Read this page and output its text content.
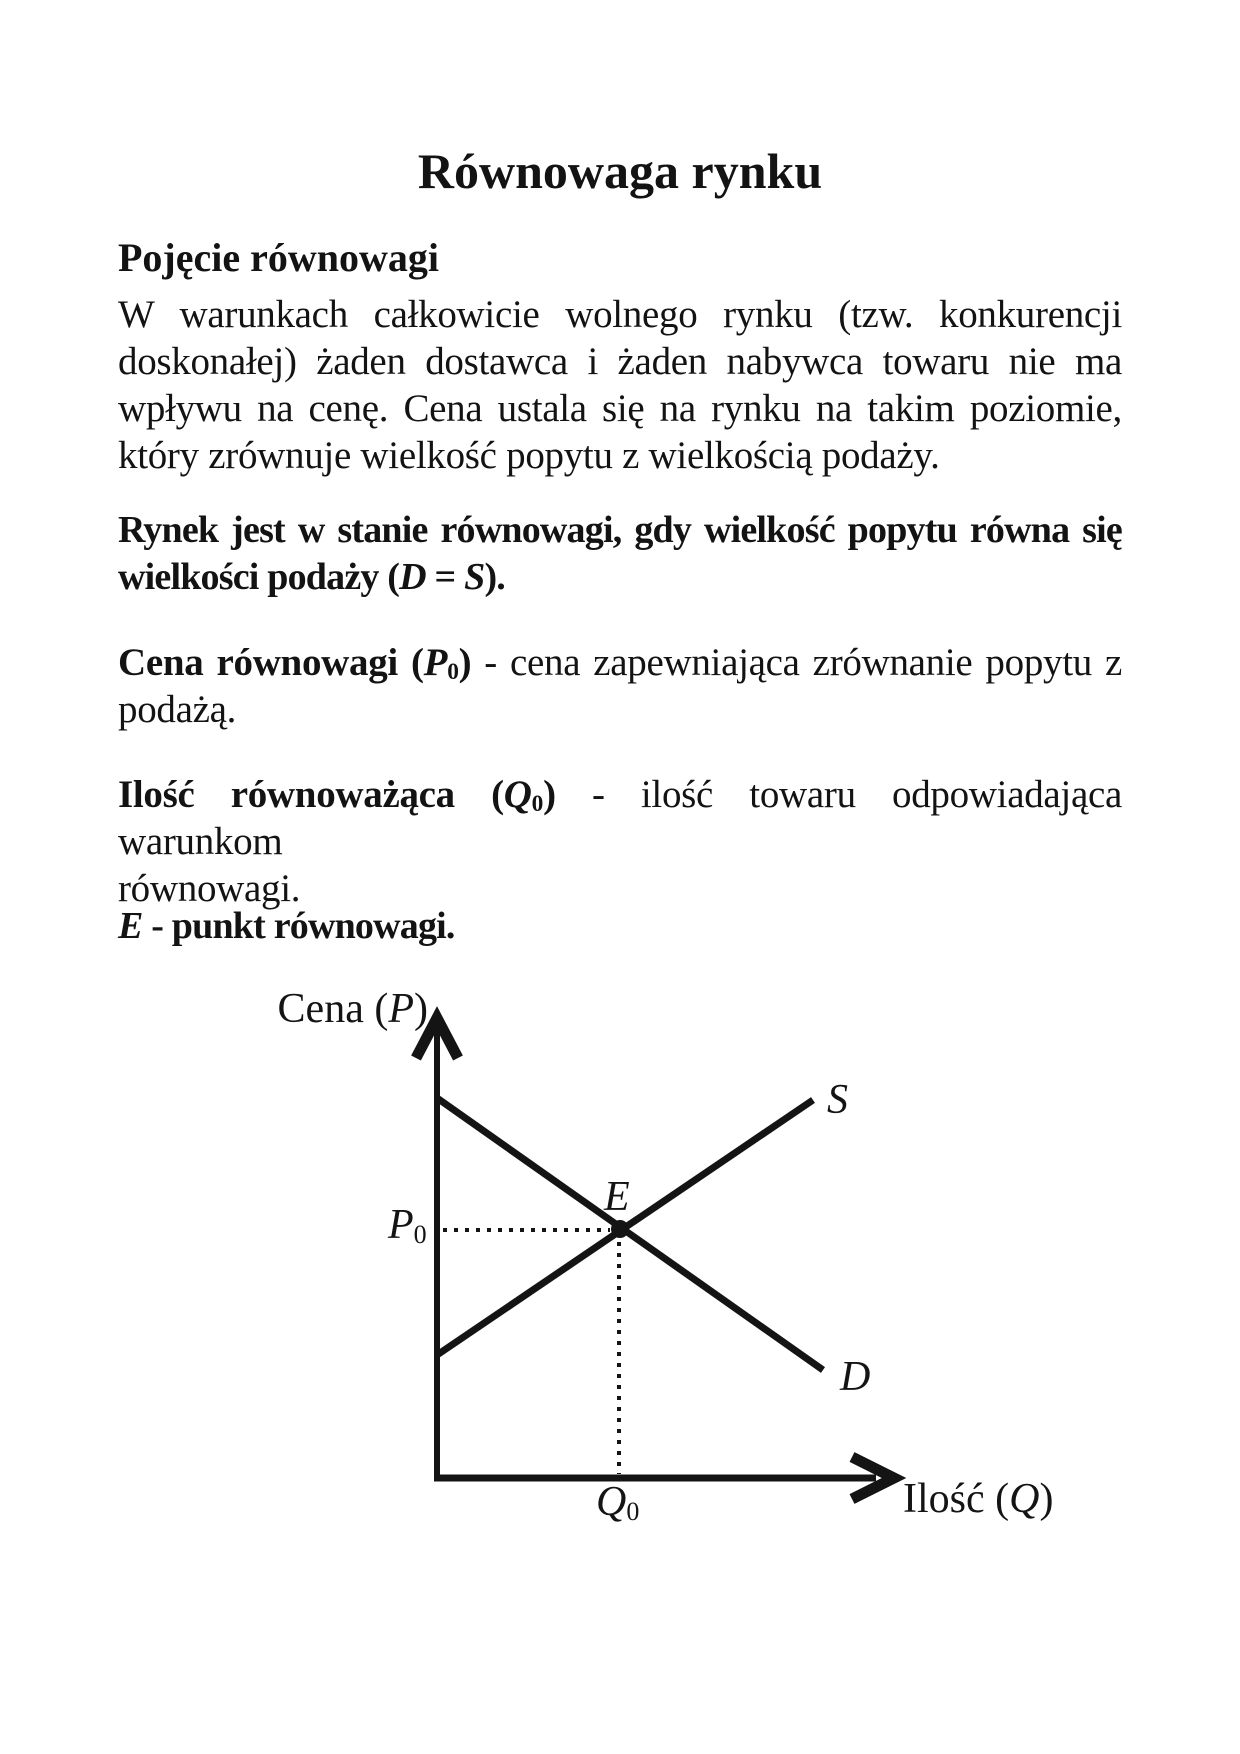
Równowaga rynku
Pojęcie równowagi
W warunkach całkowicie wolnego rynku (tzw. konkurencji
doskonałej) żaden dostawca i żaden nabywca towaru nie ma
wpływu na cenę. Cena ustala się na rynku na takim poziomie,
który zrównuje wielkość popytu z wielkością podaży.
Rynek jest w stanie równowagi, gdy wielkość popytu równa się
wielkości podaży (D = S).
Cena równowagi $(P_0)$ - cena zapewniająca zrównanie popytu z
podażą.
Ilość równoważąca $(Q_0)$ - ilość towaru odpowiadająca warunkom
równowagi.
E - punkt równowagi.
Cena (P)
Ilość (Q)
S
D
E
$P_0$
$Q_0$
